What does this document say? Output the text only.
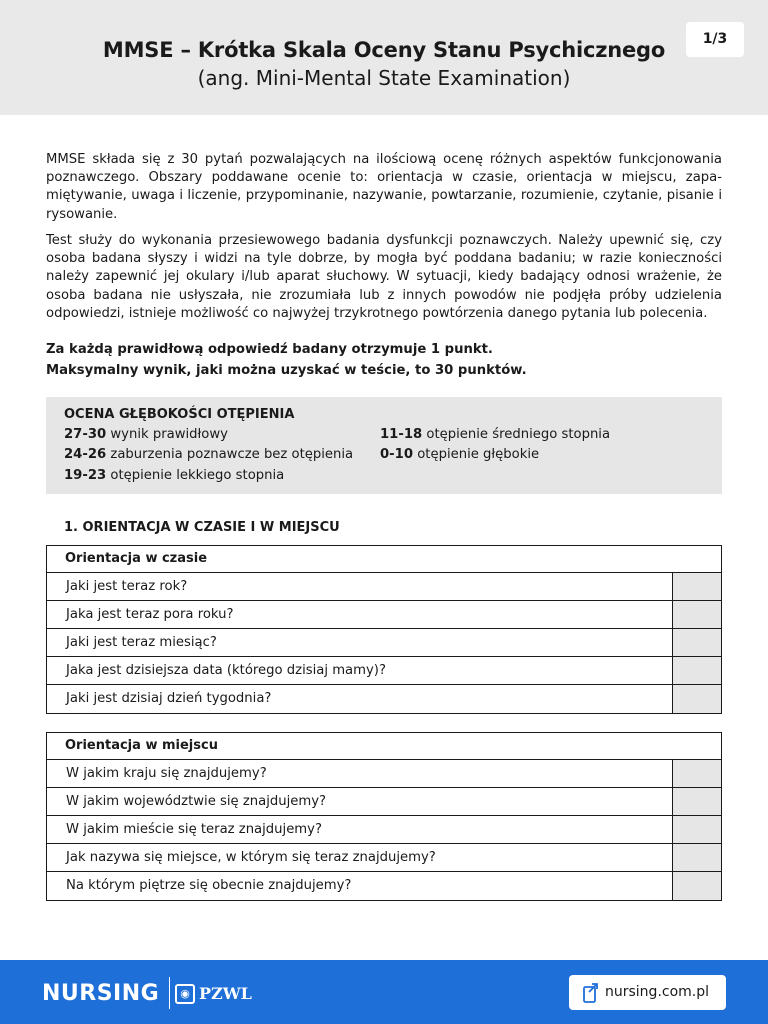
MMSE – Krótka Skala Oceny Stanu Psychicznego
(ang. Mini-Mental State Examination)
1/3

MMSE składa się z 30 pytań pozwalających na ilościową ocenę różnych aspektów funkcjonowania poznawczego. Obszary poddawane ocenie to: orientacja w czasie, orientacja w miejscu, zapa-miętywanie, uwaga i liczenie, przypominanie, nazywanie, powtarzanie, rozumienie, czytanie, pisanie i rysowanie.

Test służy do wykonania przesiewowego badania dysfunkcji poznawczych. Należy upewnić się, czy osoba badana słyszy i widzi na tyle dobrze, by mogła być poddana badaniu; w razie konieczności należy zapewnić jej okulary i/lub aparat słuchowy. W sytuacji, kiedy badający odnosi wrażenie, że osoba badana nie usłyszała, nie zrozumiała lub z innych powodów nie podjęła próby udzielenia odpowiedzi, istnieje możliwość co najwyżej trzykrotnego powtórzenia danego pytania lub polecenia.

Za każdą prawidłową odpowiedź badany otrzymuje 1 punkt.
Maksymalny wynik, jaki można uzyskać w teście, to 30 punktów.
OCENA GŁĘBOKOŚCI OTĘPIENIA
27-30 wynik prawidłowy
24-26 zaburzenia poznawcze bez otępienia
19-23 otępienie lekkiego stopnia
11-18 otępienie średniego stopnia
0-10 otępienie głębokie
1. ORIENTACJA W CZASIE I W MIEJSCU
Orientacja w czasie
Jaki jest teraz rok?
Jaka jest teraz pora roku?
Jaki jest teraz miesiąc?
Jaka jest dzisiejsza data (którego dzisiaj mamy)?
Jaki jest dzisiaj dzień tygodnia?
Orientacja w miejscu
W jakim kraju się znajdujemy?
W jakim województwie się znajdujemy?
W jakim mieście się teraz znajdujemy?
Jak nazywa się miejsce, w którym się teraz znajdujemy?
Na którym piętrze się obecnie znajdujemy?
NURSING	◉ PZWL	nursing.com.pl
